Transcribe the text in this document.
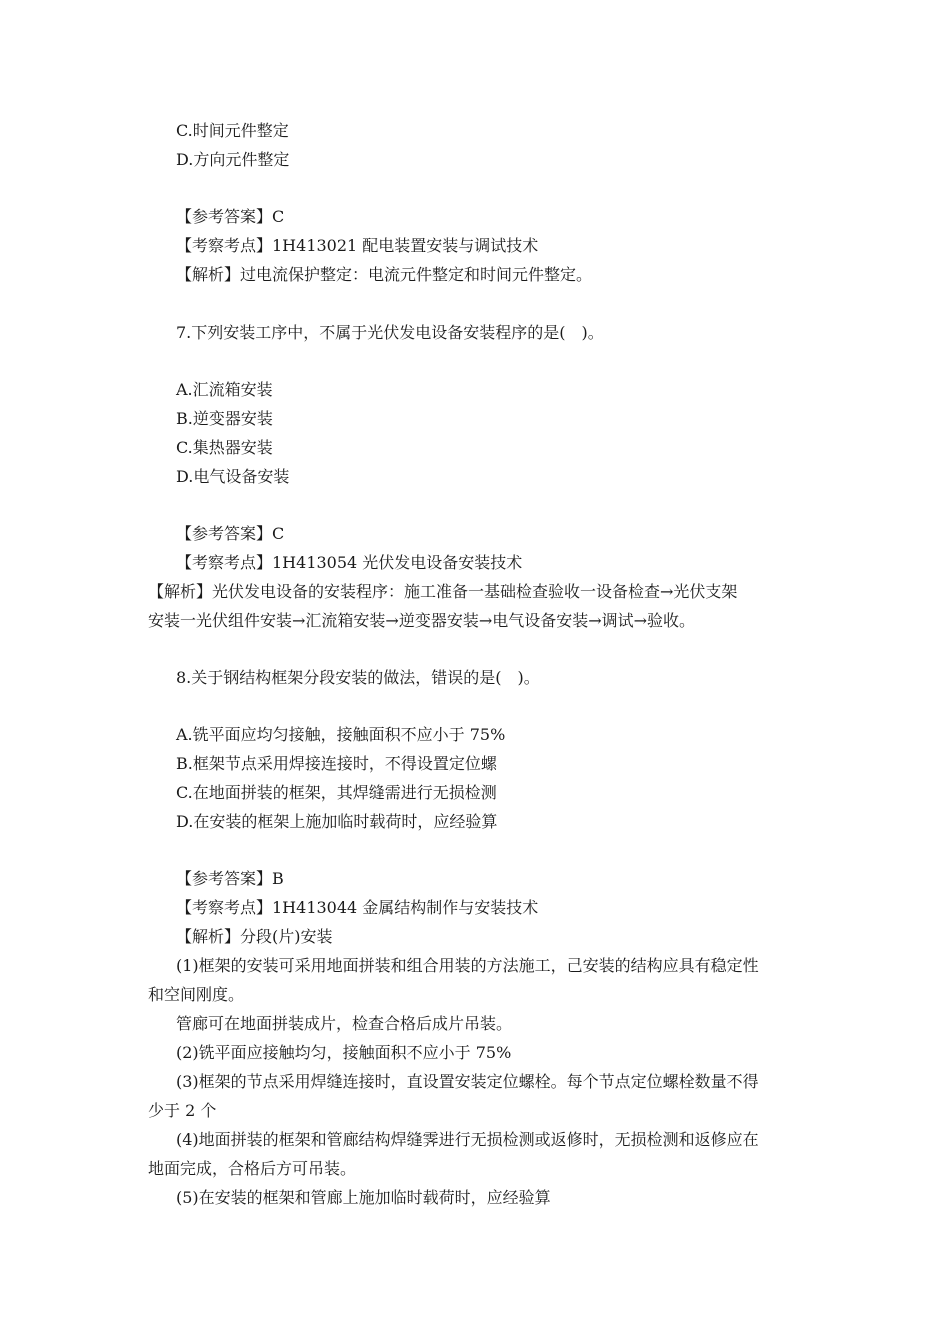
C.时间元件整定
D.方向元件整定
【参考答案】C
【考察考点】1H413021 配电装置安装与调试技术
【解析】过电流保护整定：电流元件整定和时间元件整定。
7.下列安装工序中，不属于光伏发电设备安装程序的是(　)。
A.汇流箱安装
B.逆变器安装
C.集热器安装
D.电气设备安装
【参考答案】C
【考察考点】1H413054 光伏发电设备安装技术
【解析】光伏发电设备的安装程序：施工准备一基础检查验收一设备检查→光伏支架
安装一光伏组件安装→汇流箱安装→逆变器安装→电气设备安装→调试→验收。
8.关于钢结构框架分段安装的做法，错误的是(　)。
A.铣平面应均匀接触，接触面积不应小于 75%
B.框架节点采用焊接连接时，不得设置定位螺
C.在地面拼装的框架，其焊缝需进行无损检测
D.在安装的框架上施加临时载荷时，应经验算
【参考答案】B
【考察考点】1H413044 金属结构制作与安装技术
【解析】分段(片)安装
(1)框架的安装可采用地面拼装和组合用装的方法施工，己安装的结构应具有稳定性
和空间刚度。
管廊可在地面拼装成片，检查合格后成片吊装。
(2)铣平面应接触均匀，接触面积不应小于 75%
(3)框架的节点采用焊缝连接时，直设置安装定位螺栓。每个节点定位螺栓数量不得
少于 2 个
(4)地面拼装的框架和管廊结构焊缝霁进行无损检测或返修时，无损检测和返修应在
地面完成，合格后方可吊装。
(5)在安装的框架和管廊上施加临时载荷时，应经验算
